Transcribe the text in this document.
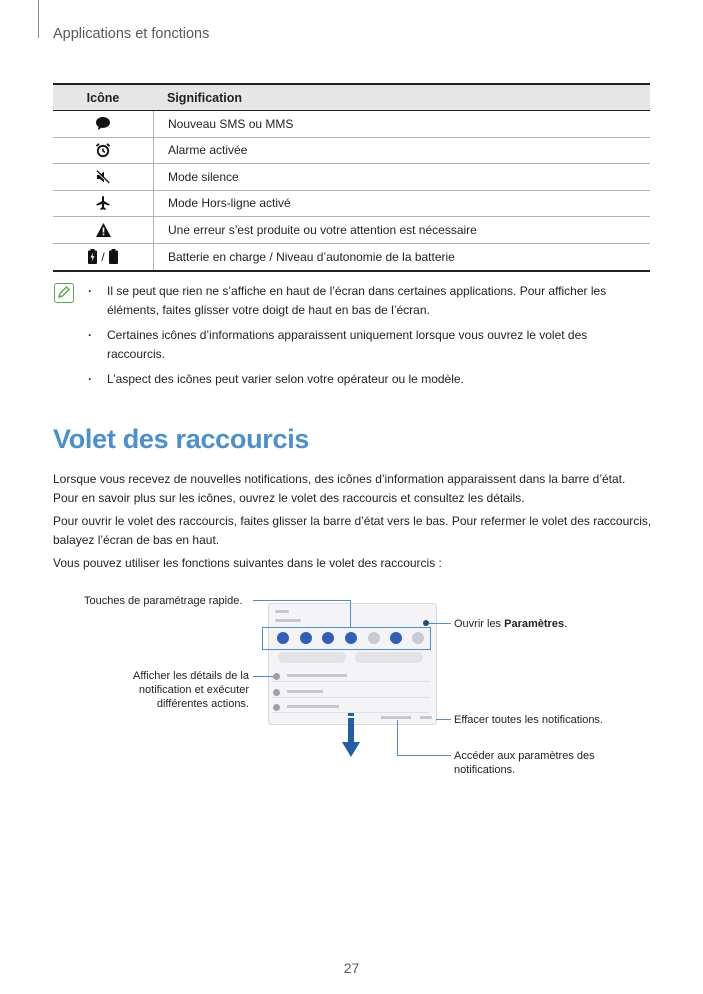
Applications et fonctions
Icône	Signification
Nouveau SMS ou MMS
Alarme activée
Mode silence
Mode Hors-ligne activé
Une erreur s’est produite ou votre attention est nécessaire
/	Batterie en charge / Niveau d’autonomie de la batterie
· Il se peut que rien ne s’affiche en haut de l’écran dans certaines applications. Pour afficher les éléments, faites glisser votre doigt de haut en bas de l’écran.
· Certaines icônes d’informations apparaissent uniquement lorsque vous ouvrez le volet des raccourcis.
· L’aspect des icônes peut varier selon votre opérateur ou le modèle.
Volet des raccourcis

Lorsque vous recevez de nouvelles notifications, des icônes d’information apparaissent dans la barre d’état. Pour en savoir plus sur les icônes, ouvrez le volet des raccourcis et consultez les détails.

Pour ouvrir le volet des raccourcis, faites glisser la barre d’état vers le bas. Pour refermer le volet des raccourcis, balayez l’écran de bas en haut.

Vous pouvez utiliser les fonctions suivantes dans le volet des raccourcis :

Touches de paramétrage rapide.
Ouvrir les Paramètres.
Afficher les détails de la notification et exécuter différentes actions.
Effacer toutes les notifications.
Accéder aux paramètres des notifications.
27
